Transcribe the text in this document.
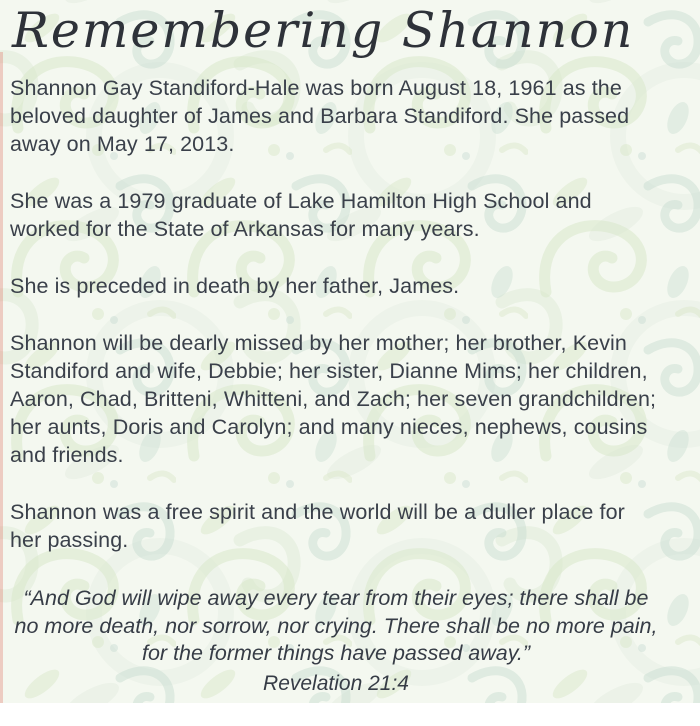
Remembering Shannon

Shannon Gay Standiford-Hale was born August 18, 1961 as the beloved daughter of James and Barbara Standiford. She passed away on May 17, 2013.

She was a 1979 graduate of Lake Hamilton High School and worked for the State of Arkansas for many years.

She is preceded in death by her father, James.

Shannon will be dearly missed by her mother; her brother, Kevin Standiford and wife, Debbie; her sister, Dianne Mims; her children, Aaron, Chad, Britteni, Whitteni, and Zach; her seven grandchildren; her aunts, Doris and Carolyn; and many nieces, nephews, cousins and friends.

Shannon was a free spirit and the world will be a duller place for her passing.

“And God will wipe away every tear from their eyes; there shall be no more death, nor sorrow, nor crying. There shall be no more pain, for the former things have passed away.”
Revelation 21:4
